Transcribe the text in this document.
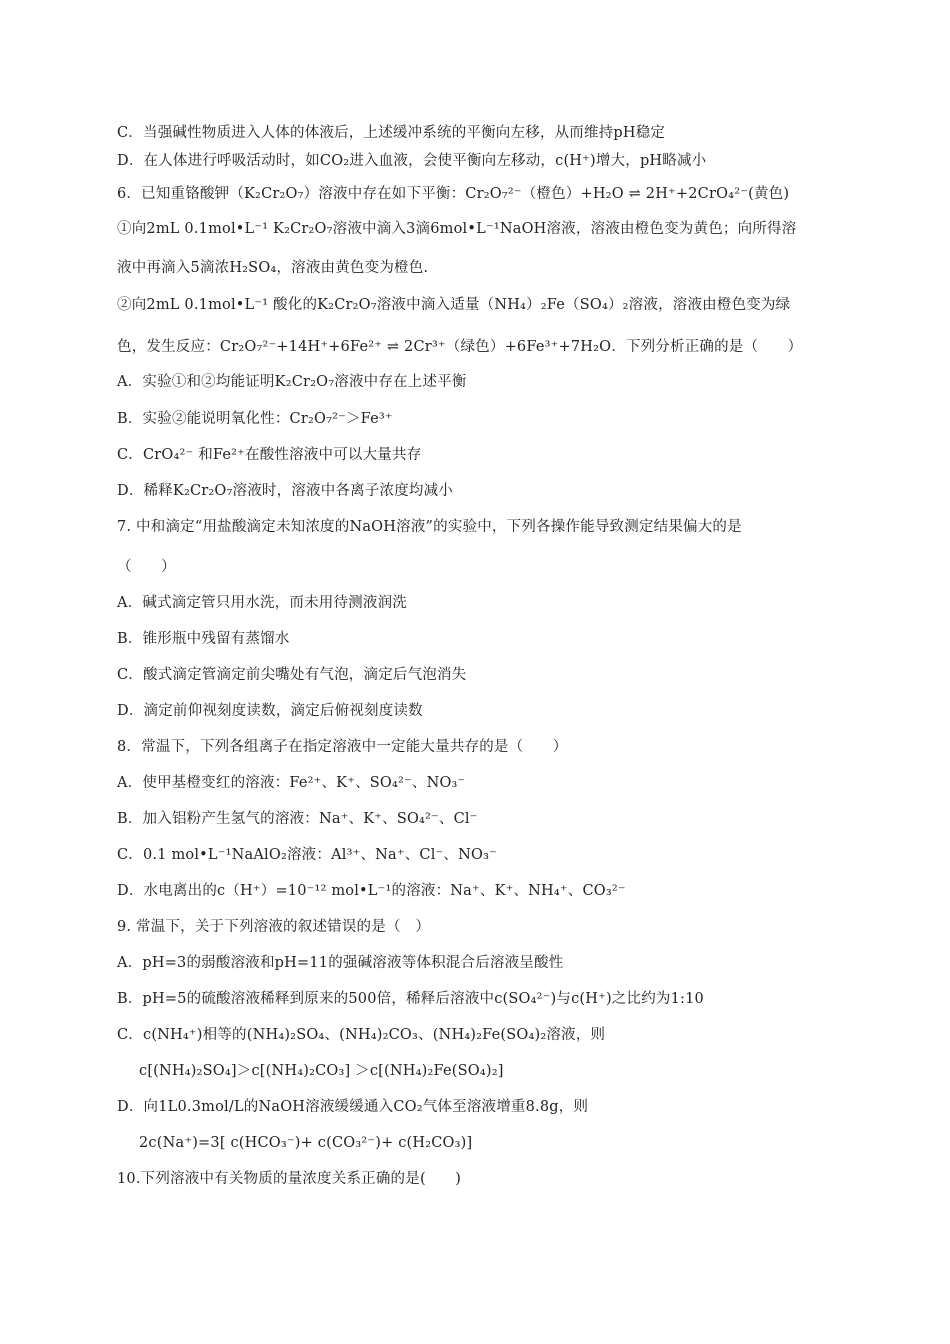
C．当强碱性物质进入人体的体液后，上述缓冲系统的平衡向左移，从而维持pH稳定
D．在人体进行呼吸活动时，如CO₂进入血液，会使平衡向左移动，c(H⁺)增大，pH略减小
6．已知重铬酸钾（K₂Cr₂O₇）溶液中存在如下平衡：Cr₂O₇²⁻（橙色）+H₂O ⇌ 2H⁺+2CrO₄²⁻(黄色)
①向2mL 0.1mol•L⁻¹ K₂Cr₂O₇溶液中滴入3滴6mol•L⁻¹NaOH溶液，溶液由橙色变为黄色；向所得溶
液中再滴入5滴浓H₂SO₄，溶液由黄色变为橙色.
②向2mL 0.1mol•L⁻¹ 酸化的K₂Cr₂O₇溶液中滴入适量（NH₄）₂Fe（SO₄）₂溶液，溶液由橙色变为绿
色，发生反应：Cr₂O₇²⁻+14H⁺+6Fe²⁺ ⇌ 2Cr³⁺（绿色）+6Fe³⁺+7H₂O．下列分析正确的是（　　）
A．实验①和②均能证明K₂Cr₂O₇溶液中存在上述平衡
B．实验②能说明氧化性：Cr₂O₇²⁻＞Fe³⁺
C．CrO₄²⁻ 和Fe²⁺在酸性溶液中可以大量共存
D．稀释K₂Cr₂O₇溶液时，溶液中各离子浓度均减小
7. 中和滴定“用盐酸滴定未知浓度的NaOH溶液”的实验中，下列各操作能导致测定结果偏大的是
（　　）
A．碱式滴定管只用水洗，而未用待测液润洗
B．锥形瓶中残留有蒸馏水
C．酸式滴定管滴定前尖嘴处有气泡，滴定后气泡消失
D．滴定前仰视刻度读数，滴定后俯视刻度读数
8．常温下，下列各组离子在指定溶液中一定能大量共存的是（　　）
A．使甲基橙变红的溶液：Fe²⁺、K⁺、SO₄²⁻、NO₃⁻
B．加入铝粉产生氢气的溶液：Na⁺、K⁺、SO₄²⁻、Cl⁻
C．0.1 mol•L⁻¹NaAlO₂溶液：Al³⁺、Na⁺、Cl⁻、NO₃⁻
D．水电离出的c（H⁺）=10⁻¹² mol•L⁻¹的溶液：Na⁺、K⁺、NH₄⁺、CO₃²⁻
9. 常温下，关于下列溶液的叙述错误的是（　）
A．pH=3的弱酸溶液和pH=11的强碱溶液等体积混合后溶液呈酸性
B．pH=5的硫酸溶液稀释到原来的500倍，稀释后溶液中c(SO₄²⁻)与c(H⁺)之比约为1:10
C．c(NH₄⁺)相等的(NH₄)₂SO₄、(NH₄)₂CO₃、(NH₄)₂Fe(SO₄)₂溶液，则
c[(NH₄)₂SO₄]＞c[(NH₄)₂CO₃] ＞c[(NH₄)₂Fe(SO₄)₂]
D．向1L0.3mol/L的NaOH溶液缓缓通入CO₂气体至溶液增重8.8g，则
2c(Na⁺)=3[ c(HCO₃⁻)+ c(CO₃²⁻)+ c(H₂CO₃)]
10.下列溶液中有关物质的量浓度关系正确的是(　　)
